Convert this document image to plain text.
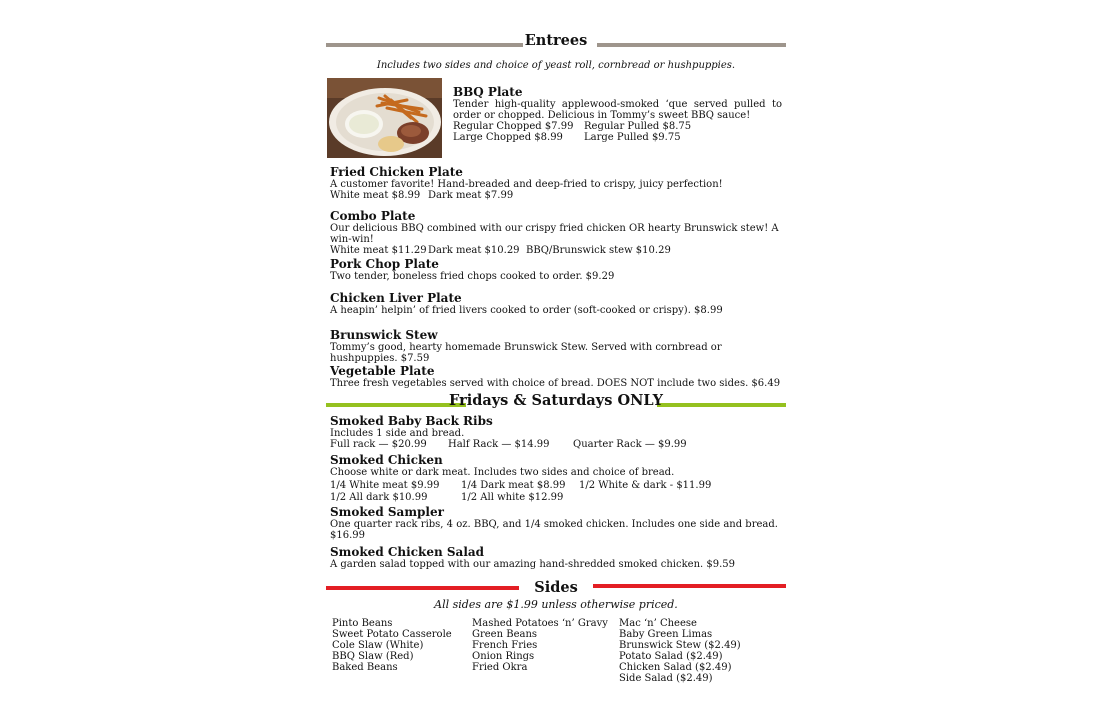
Entrees
Includes two sides and choice of yeast roll, cornbread or hushpuppies.
BBQ Plate
Tender high-quality applewood-smoked ‘que served pulled to order or chopped. Delicious in Tommy’s sweet BBQ sauce!
Regular Chopped $7.99 Regular Pulled $8.75
Large Chopped $8.99 Large Pulled $9.75
Fried Chicken Plate
A customer favorite! Hand-breaded and deep-fried to crispy, juicy perfection!
White meat $8.99 Dark meat $7.99
Combo Plate
Our delicious BBQ combined with our crispy fried chicken OR hearty Brunswick stew! A win-win!
White meat $11.29 Dark meat $10.29 BBQ/Brunswick stew $10.29
Pork Chop Plate
Two tender, boneless fried chops cooked to order. $9.29
Chicken Liver Plate
A heapin’ helpin’ of fried livers cooked to order (soft-cooked or crispy). $8.99
Brunswick Stew
Tommy’s good, hearty homemade Brunswick Stew. Served with cornbread or hushpuppies. $7.59
Vegetable Plate
Three fresh vegetables served with choice of bread. DOES NOT include two sides. $6.49
Fridays & Saturdays ONLY
Smoked Baby Back Ribs
Includes 1 side and bread.
Full rack — $20.99 Half Rack — $14.99 Quarter Rack — $9.99
Smoked Chicken
Choose white or dark meat. Includes two sides and choice of bread.
1/4 White meat $9.99 1/4 Dark meat $8.99 1/2 White & dark - $11.99
1/2 All dark $10.99	1/2 All white $12.99
Smoked Sampler
One quarter rack ribs, 4 oz. BBQ, and 1/4 smoked chicken. Includes one side and bread. $16.99
Smoked Chicken Salad
A garden salad topped with our amazing hand-shredded smoked chicken. $9.59
Sides
All sides are $1.99 unless otherwise priced.
Pinto Beans
Sweet Potato Casserole
Cole Slaw (White)
BBQ Slaw (Red)
Baked Beans
Mashed Potatoes ‘n’ Gravy
Green Beans
French Fries
Onion Rings
Fried Okra
Mac ‘n’ Cheese
Baby Green Limas
Brunswick Stew ($2.49)
Potato Salad ($2.49)
Chicken Salad ($2.49)
Side Salad ($2.49)
